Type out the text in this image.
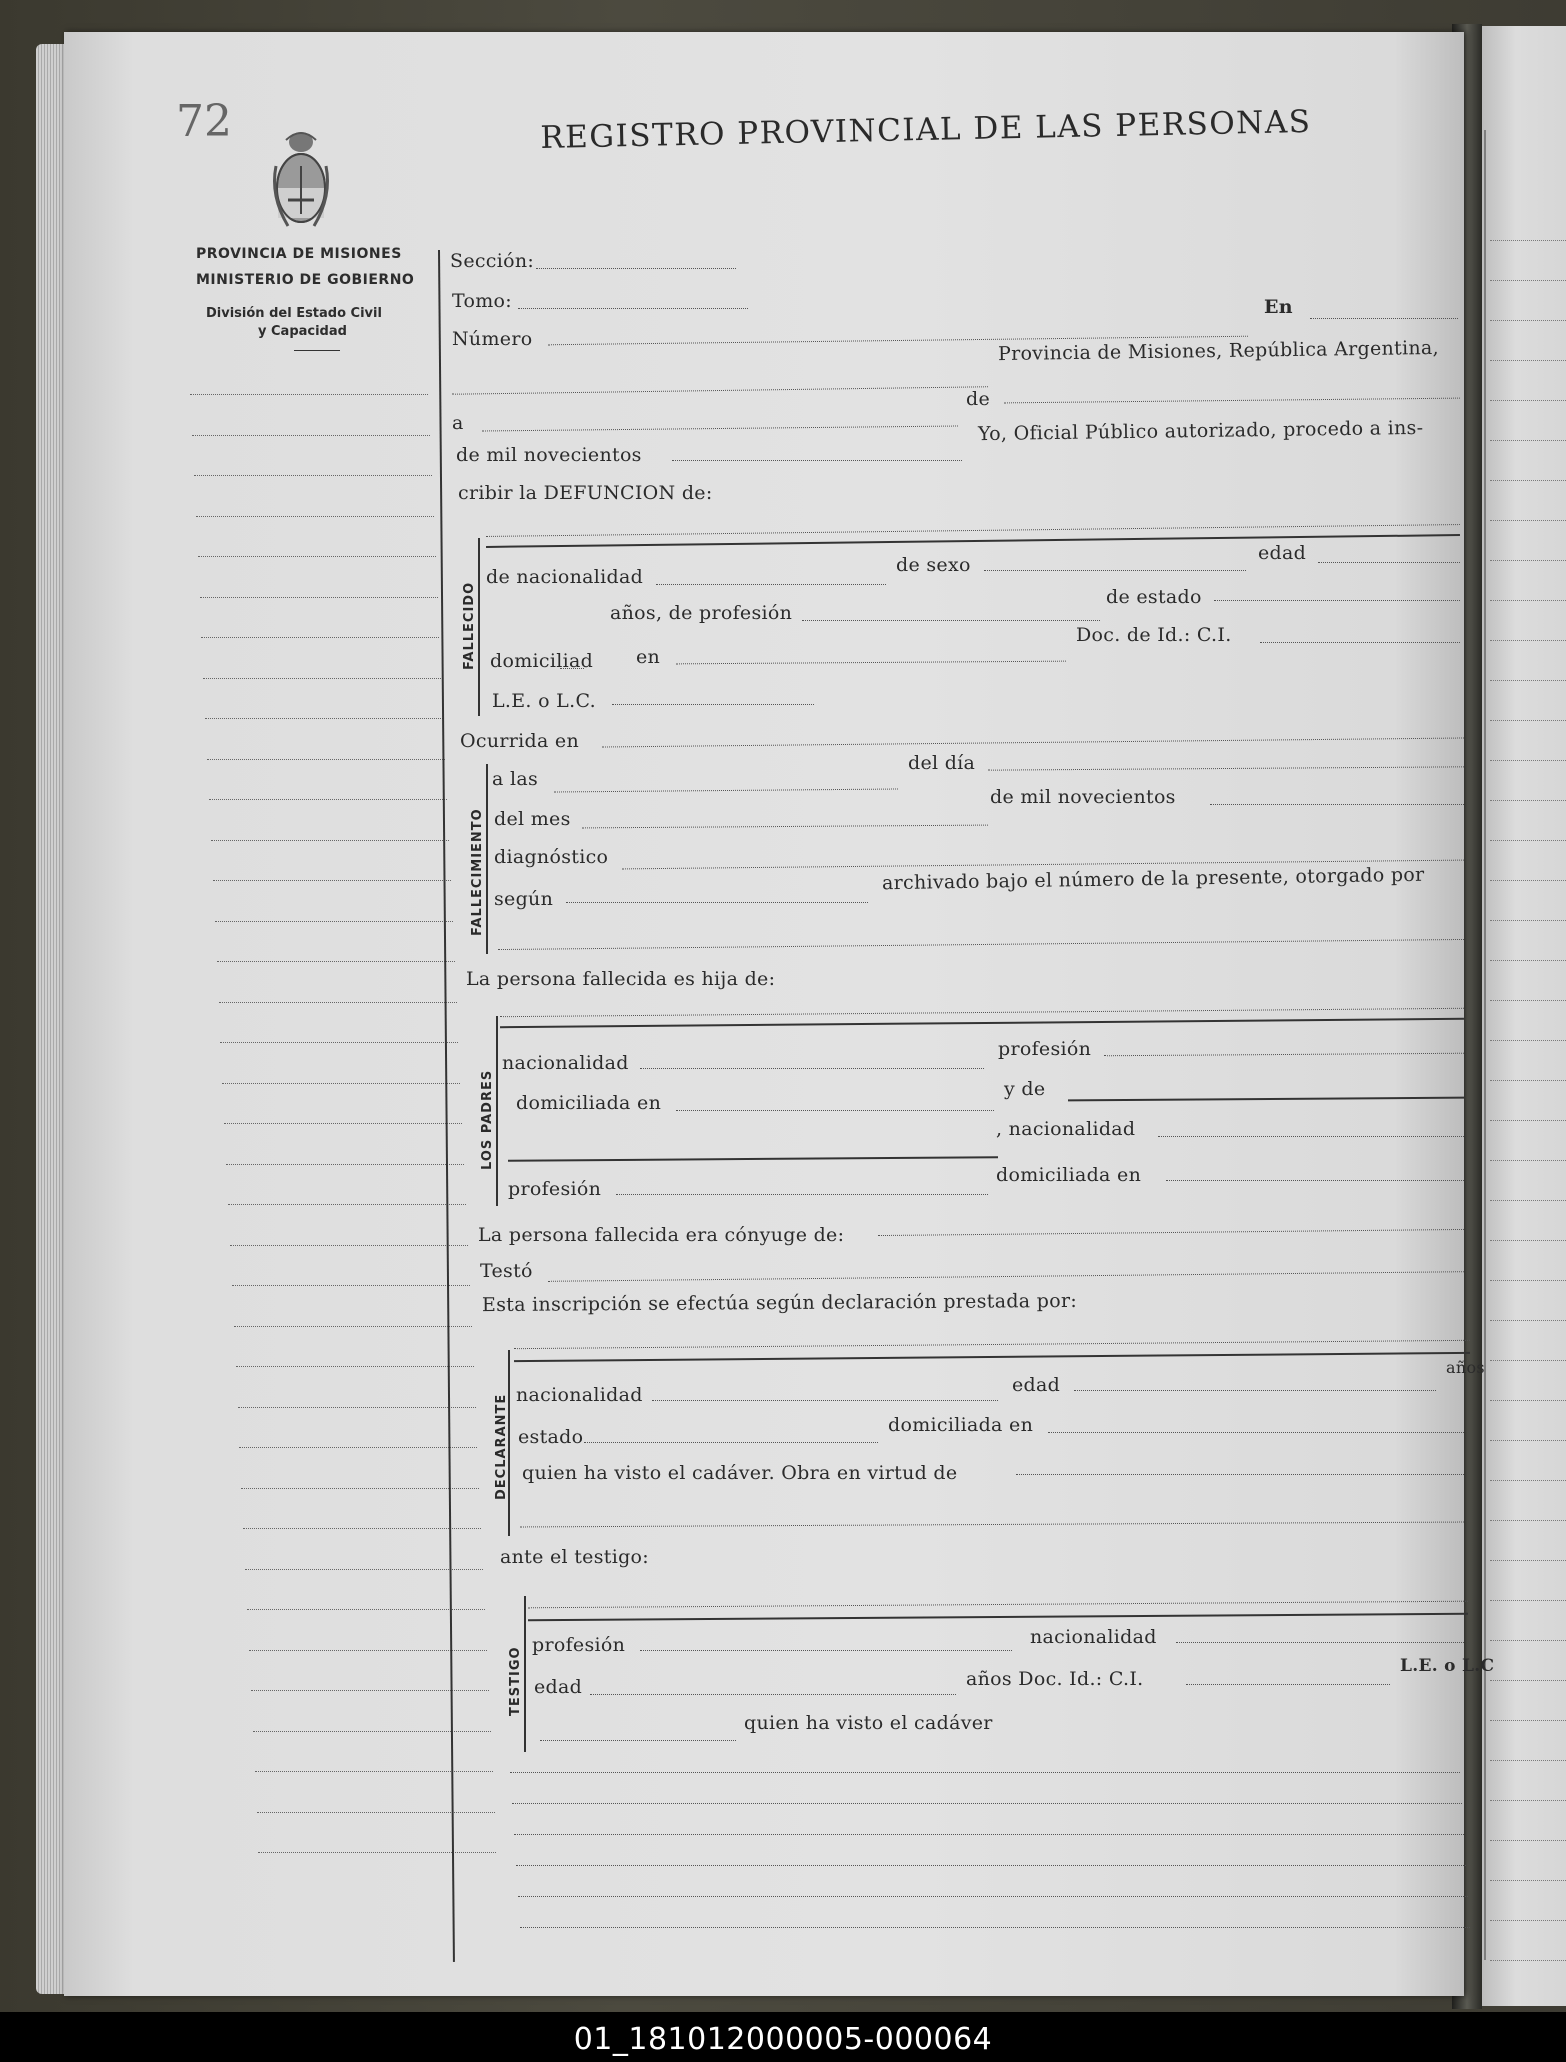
72
PROVINCIA DE MISIONES
MINISTERIO DE GOBIERNO
División del Estado Civil
y Capacidad
REGISTRO PROVINCIAL DE LAS PERSONAS
Sección:
Tomo:
Número
En
Provincia de Misiones, República Argentina,
de
a	Yo, Oficial Público autorizado, procedo a ins-
de mil novecientos
cribir la DEFUNCION de:
FALLECIDO
de nacionalidad
de sexo
edad
años, de profesión
de estado
domiciliad en
Doc. de Id.: C.I.
L.E. o L.C.
Ocurrida en
FALLECIMIENTO
a las
del día
del mes
de mil novecientos
diagnóstico
según
archivado bajo el número de la presente, otorgado por
La persona fallecida es hija de:
LOS PADRES
nacionalidad
profesión
domiciliada en
y de
, nacionalidad
profesión
domiciliada en
La persona fallecida era cónyuge de:
Testó
Esta inscripción se efectúa según declaración prestada por:
DECLARANTE nacionalidad	edad
años
estado
domiciliada en
quien ha visto el cadáver. Obra en virtud de
ante el testigo:
TESTIGO
profesión	nacionalidad
edad	años Doc. Id.: C.I.
L.E. o L.C
quien ha visto el cadáver
01_181012000005-000064
